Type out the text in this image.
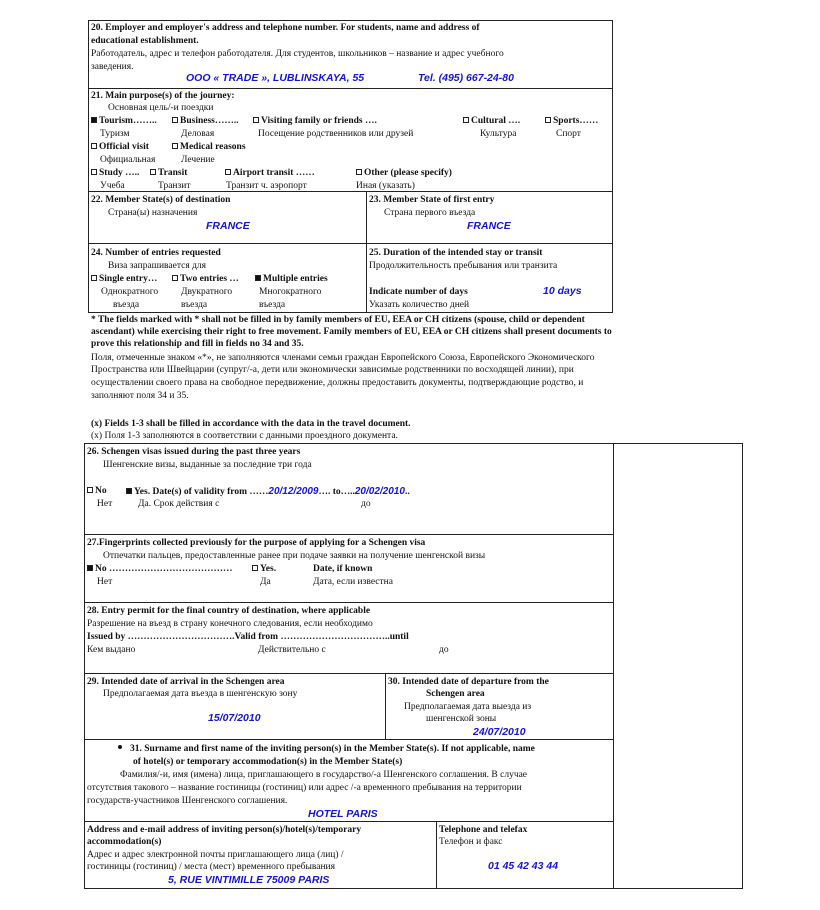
20. Employer and employer's address and telephone number. For students, name and address of
educational establishment.
Работодатель, адрес и телефон работодателя. Для студентов, школьников – название и адрес учебного
заведения.
OOO « TRADE », LUBLINSKAYA, 55	Tel. (495) 667-24-80
21. Main purpose(s) of the journey:
Основная цель/-и поездки
Tourism……..
Туризм
Business……..
Деловая
Visiting family or friends ….
Посещение родственников или друзей
Cultural ….
Культура
Sports……
Спорт
Official visit
Официальная
Medical reasons
Лечение
Study …..
Учеба
Transit
Транзит
Airport transit ……
Транзит ч. аэропорт
Other (please specify)
Иная (указать)
22. Member State(s) of destination
Страна(ы) назначения
FRANCE
23. Member State of first entry
Страна первого въезда
FRANCE
24. Number of entries requested
Виза запрашивается для
Single entry…
Однократного
въезда
Two entries …
Двукратного
въезда
Multiple entries
Многократного
въезда
25. Duration of the intended stay or transit
Продолжительность пребывания или транзита
Indicate number of days
Указать количество дней
10 days
* The fields marked with * shall not be filled in by family members of EU, EEA or CH citizens (spouse, child or dependent
ascendant) while exercising their right to free movement. Family members of EU, EEA or CH citizens shall present documents to
prove this relationship and fill in fields no 34 and 35.
Поля, отмеченные знаком «*», не заполняются членами семьи граждан Европейского Союза, Европейского Экономического
Пространства или Швейцарии (супруг/-а, дети или экономически зависимые родственники по восходящей линии), при
осуществлении своего права на свободное передвижение, должны предоставить документы, подтверждающие родство, и
заполняют поля 34 и 35.
(x) Fields 1-3 shall be filled in accordance with the data in the travel document.
(x) Поля 1-3 заполняются в соответствии с данными проездного документа.
26. Schengen visas issued during the past three years
Шенгенские визы, выданные за последние три года
No
Нет
Yes. Date(s) of validity from ……20/12/2009…. to…..20/02/2010..
Да. Срок действия с	до
27.Fingerprints collected previously for the purpose of applying for a Schengen visa
Отпечатки пальцев, предоставленные ранее при подаче заявки на получение шенгенской визы
No …………………………………
Нет
Yes.
Да
Date, if known
Дата, если известна
28. Entry permit for the final country of destination, where applicable
Разрешение на въезд в страну конечного следования, если необходимо
Issued by …………………………….Valid from ……………………………..until
Кем выдано	Действительно с	до
29. Intended date of arrival in the Schengen area
Предполагаемая дата въезда в шенгенскую зону
15/07/2010
30. Intended date of departure from the
Schengen area
Предполагаемая дата выезда из
шенгенской зоны
24/07/2010
31. Surname and first name of the inviting person(s) in the Member State(s). If not applicable, name
of hotel(s) or temporary accommodation(s) in the Member State(s)
Фамилия/-и, имя (имена) лица, приглашающего в государство/-а Шенгенского соглашения. В случае
отсутствия такового – название гостиницы (гостиниц) или адрес /-а временного пребывания на территории
государств-участников Шенгенского соглашения.
HOTEL PARIS
Address and e-mail address of inviting person(s)/hotel(s)/temporary
accommodation(s)
Адрес и адрес электронной почты приглашающего лица (лиц) /
гостиницы (гостиниц) / места (мест) временного пребывания
5, RUE VINTIMILLE 75009 PARIS
Telephone and telefax
Телефон и факс
01 45 42 43 44
